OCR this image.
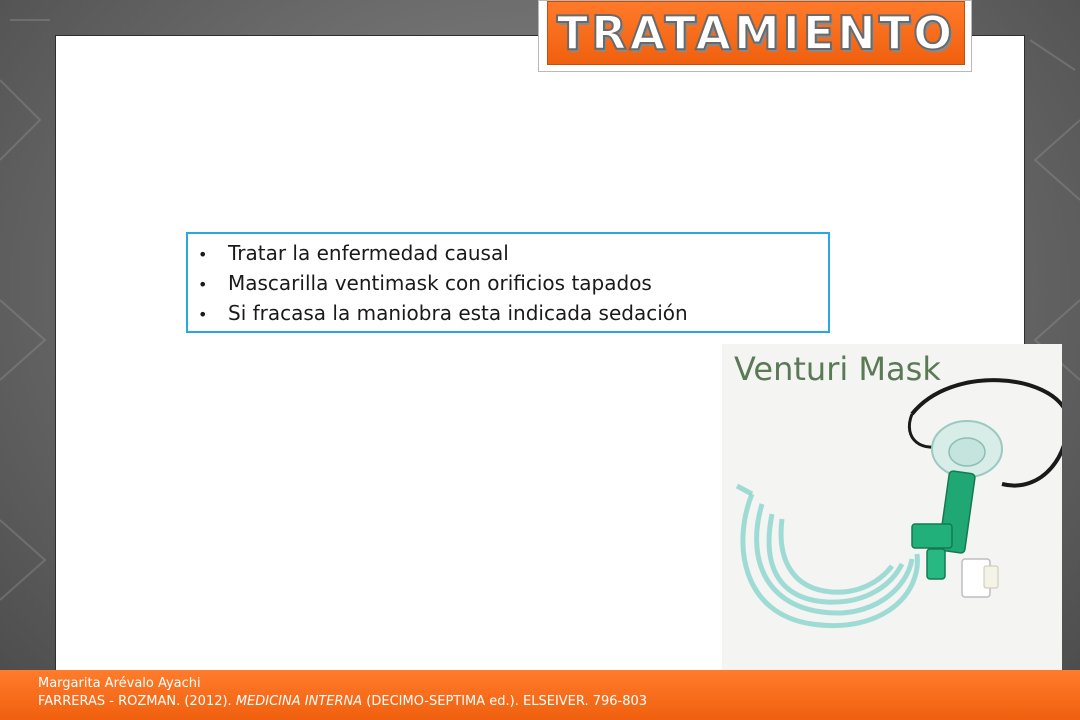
TRATAMIENTO
•	Tratar la enfermedad causal
•	Mascarilla ventimask con orificios tapados
•	Si fracasa la maniobra esta indicada sedación
Venturi Mask
Margarita Arévalo Ayachi
FARRERAS - ROZMAN. (2012). MEDICINA INTERNA (DECIMO-SEPTIMA ed.). ELSEIVER. 796-803
